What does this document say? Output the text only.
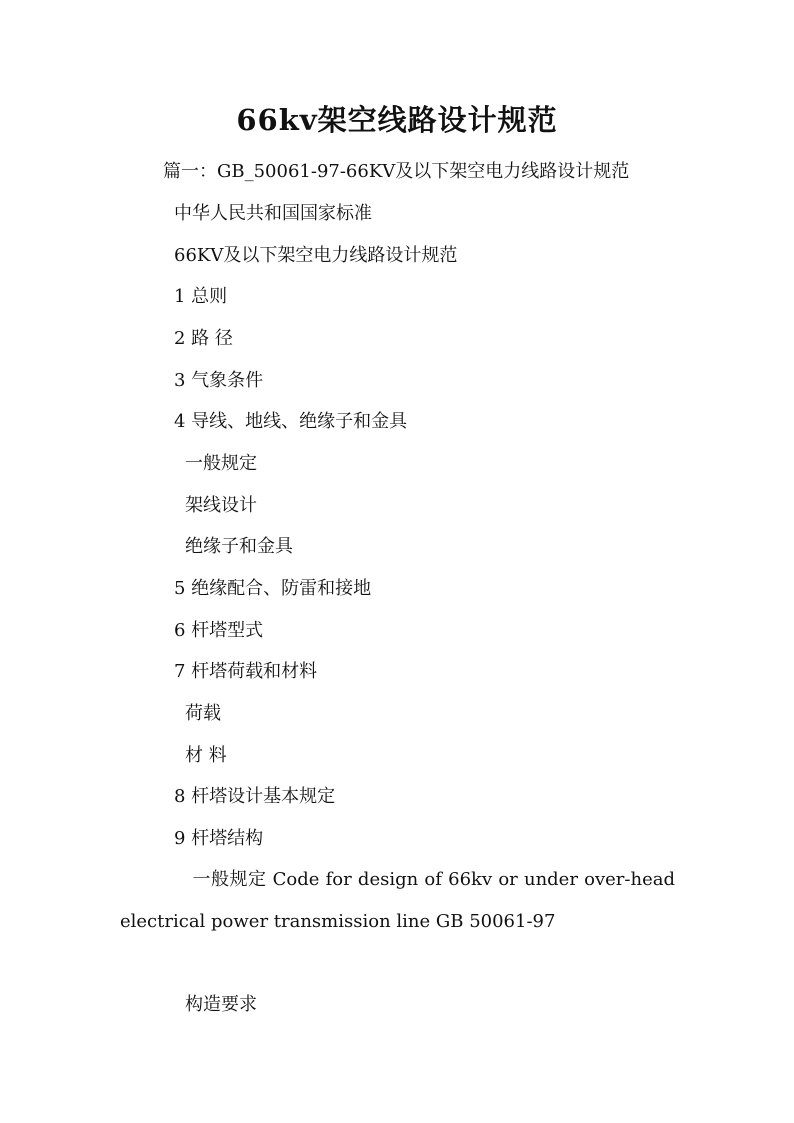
66kv架空线路设计规范

篇一：GB_50061-97-66KV及以下架空电力线路设计规范

中华人民共和国国家标准

66KV及以下架空电力线路设计规范

1 总则

2 路 径

3 气象条件

4 导线、地线、绝缘子和金具

一般规定

架线设计

绝缘子和金具

5 绝缘配合、防雷和接地

6 杆塔型式

7 杆塔荷载和材料

荷载

材 料

8 杆塔设计基本规定

9 杆塔结构

一般规定 Code for design of 66kv or under over-head electrical power transmission line GB 50061-97

构造要求
